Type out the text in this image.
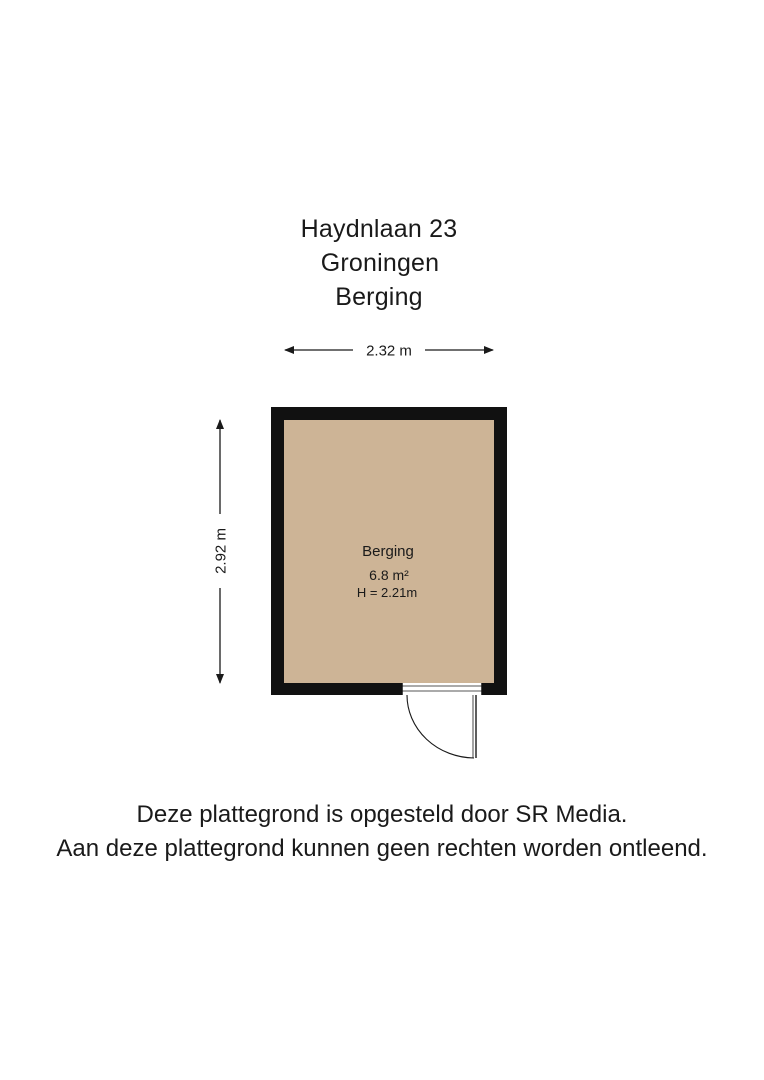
Haydnlaan 23
Groningen
Berging
2.32 m
2.92 m	Berging
6.8 m²
H = 2.21m
Deze plattegrond is opgesteld door SR Media.
Aan deze plattegrond kunnen geen rechten worden ontleend.
